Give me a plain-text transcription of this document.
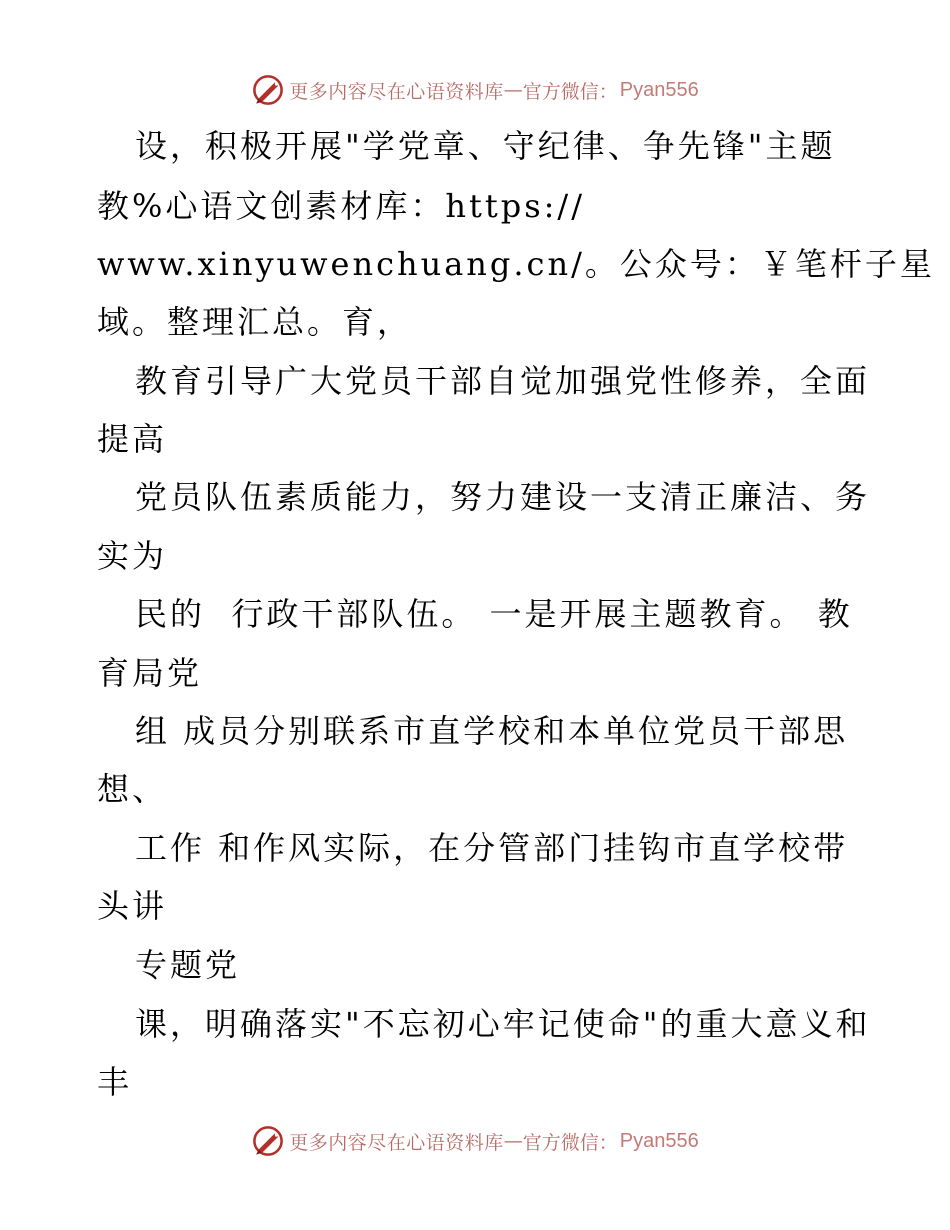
更多内容尽在心语资料库 — 官方微信： Pyan556
设，积极开展"学党章、守纪律、争先锋"主题
教%心语文创素材库：https://
www.xinyuwenchuang.cn/。公众号：￥笔杆子星
域。整理汇总。育，
教育引导广大党员干部自觉加强党性修养，全面
提高
党员队伍素质能力，努力建设一支清正廉洁、务
实为
民的  行政干部队伍。 一是开展主题教育。 教
育局党
组 成员分别联系市直学校和本单位党员干部思
想、
工作 和作风实际，在分管部门挂钩市直学校带
头讲
专题党
课，明确落实"不忘初心牢记使命"的重大意义和
丰
更多内容尽在心语资料库 — 官方微信： Pyan556
